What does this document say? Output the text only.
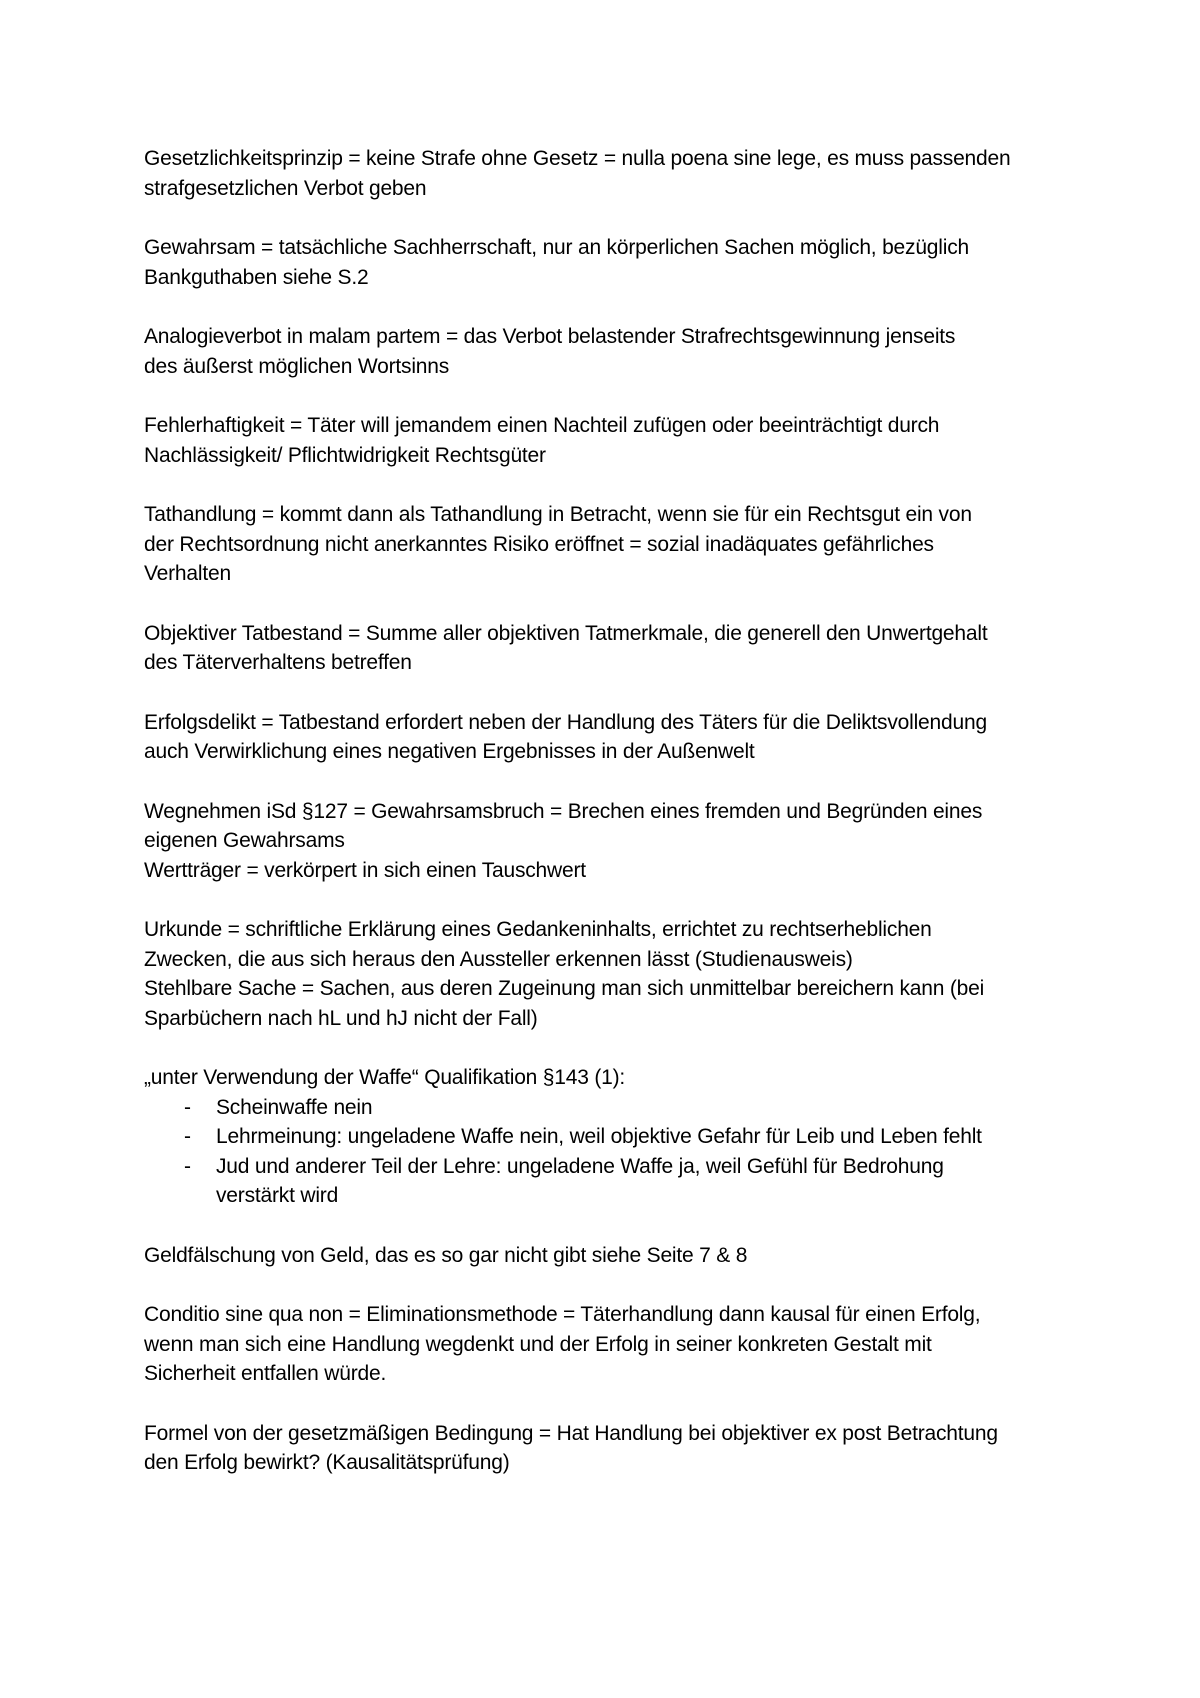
Gesetzlichkeitsprinzip = keine Strafe ohne Gesetz = nulla poena sine lege, es muss passenden
strafgesetzlichen Verbot geben
Gewahrsam = tatsächliche Sachherrschaft, nur an körperlichen Sachen möglich, bezüglich
Bankguthaben siehe S.2
Analogieverbot in malam partem = das Verbot belastender Strafrechtsgewinnung jenseits
des äußerst möglichen Wortsinns
Fehlerhaftigkeit = Täter will jemandem einen Nachteil zufügen oder beeinträchtigt durch
Nachlässigkeit/ Pflichtwidrigkeit Rechtsgüter
Tathandlung = kommt dann als Tathandlung in Betracht, wenn sie für ein Rechtsgut ein von
der Rechtsordnung nicht anerkanntes Risiko eröffnet = sozial inadäquates gefährliches
Verhalten
Objektiver Tatbestand = Summe aller objektiven Tatmerkmale, die generell den Unwertgehalt
des Täterverhaltens betreffen
Erfolgsdelikt = Tatbestand erfordert neben der Handlung des Täters für die Deliktsvollendung
auch Verwirklichung eines negativen Ergebnisses in der Außenwelt
Wegnehmen iSd §127 = Gewahrsamsbruch = Brechen eines fremden und Begründen eines
eigenen Gewahrsams
Wertträger = verkörpert in sich einen Tauschwert
Urkunde = schriftliche Erklärung eines Gedankeninhalts, errichtet zu rechtserheblichen
Zwecken, die aus sich heraus den Aussteller erkennen lässt (Studienausweis)
Stehlbare Sache = Sachen, aus deren Zugeinung man sich unmittelbar bereichern kann (bei
Sparbüchern nach hL und hJ nicht der Fall)
„unter Verwendung der Waffe“ Qualifikation §143 (1):
- Scheinwaffe nein
- Lehrmeinung: ungeladene Waffe nein, weil objektive Gefahr für Leib und Leben fehlt
- Jud und anderer Teil der Lehre: ungeladene Waffe ja, weil Gefühl für Bedrohung
verstärkt wird
Geldfälschung von Geld, das es so gar nicht gibt siehe Seite 7 & 8
Conditio sine qua non = Eliminationsmethode = Täterhandlung dann kausal für einen Erfolg,
wenn man sich eine Handlung wegdenkt und der Erfolg in seiner konkreten Gestalt mit
Sicherheit entfallen würde.
Formel von der gesetzmäßigen Bedingung = Hat Handlung bei objektiver ex post Betrachtung
den Erfolg bewirkt? (Kausalitätsprüfung)
